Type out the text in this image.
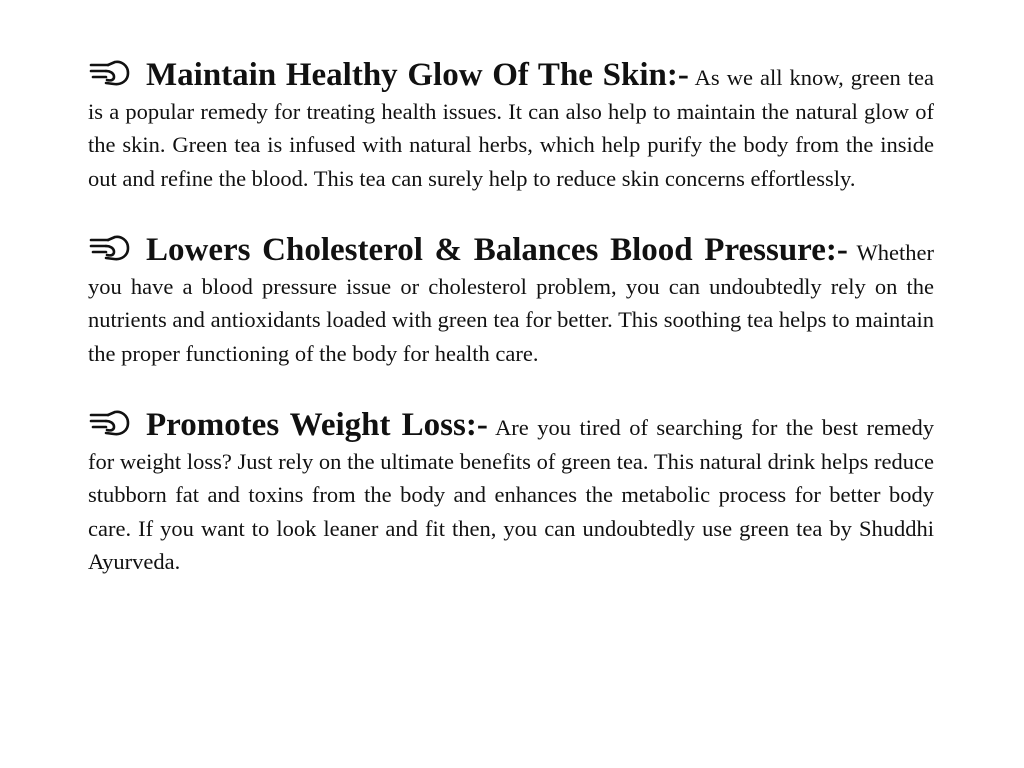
Maintain Healthy Glow Of The Skin:- As we all know, green tea is a popular remedy for treating health issues. It can also help to maintain the natural glow of the skin. Green tea is infused with natural herbs, which help purify the body from the inside out and refine the blood. This tea can surely help to reduce skin concerns effortlessly.

Lowers Cholesterol & Balances Blood Pressure:- Whether you have a blood pressure issue or cholesterol problem, you can undoubtedly rely on the nutrients and antioxidants loaded with green tea for better. This soothing tea helps to maintain the proper functioning of the body for health care.

Promotes Weight Loss:- Are you tired of searching for the best remedy for weight loss? Just rely on the ultimate benefits of green tea. This natural drink helps reduce stubborn fat and toxins from the body and enhances the metabolic process for better body care. If you want to look leaner and fit then, you can undoubtedly use green tea by Shuddhi Ayurveda.
